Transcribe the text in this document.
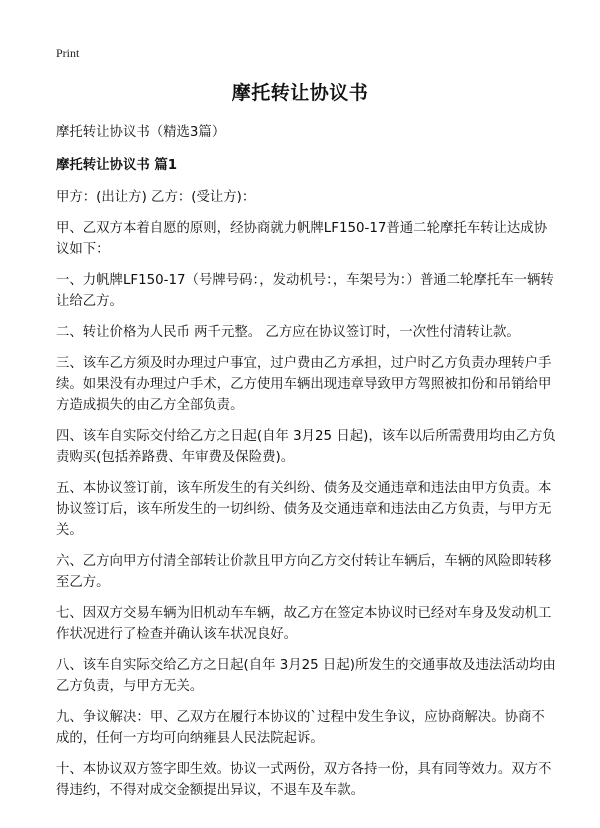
Print
摩托转让协议书

摩托转让协议书（精选3篇）

摩托转让协议书 篇1

甲方：(出让方) 乙方：(受让方)：

甲、乙双方本着自愿的原则，经协商就力帆牌LF150-17普通二轮摩托车转让达成协议如下：

一、力帆牌LF150-17（号牌号码：，发动机号：，车架号为：）普通二轮摩托车一辆转让给乙方。

二、转让价格为人民币 两千元整。 乙方应在协议签订时，一次性付清转让款。

三、该车乙方须及时办理过户事宜，过户费由乙方承担，过户时乙方负责办理转户手续。如果没有办理过户手术，乙方使用车辆出现违章导致甲方驾照被扣份和吊销给甲方造成损失的由乙方全部负责。

四、该车自实际交付给乙方之日起(自年 3月25 日起)，该车以后所需费用均由乙方负责购买(包括养路费、年审费及保险费)。

五、本协议签订前，该车所发生的有关纠纷、债务及交通违章和违法由甲方负责。本协议签订后，该车所发生的一切纠纷、债务及交通违章和违法由乙方负责，与甲方无关。

六、乙方向甲方付清全部转让价款且甲方向乙方交付转让车辆后，车辆的风险即转移至乙方。

七、因双方交易车辆为旧机动车车辆，故乙方在签定本协议时已经对车身及发动机工作状况进行了检查并确认该车状况良好。

八、该车自实际交给乙方之日起(自年 3月25 日起)所发生的交通事故及违法活动均由乙方负责，与甲方无关。

九、争议解决：甲、乙双方在履行本协议的`过程中发生争议，应协商解决。协商不成的，任何一方均可向纳雍县人民法院起诉。

十、本协议双方签字即生效。协议一式两份，双方各持一份，具有同等效力。双方不得违约，不得对成交金额提出异议，不退车及车款。
